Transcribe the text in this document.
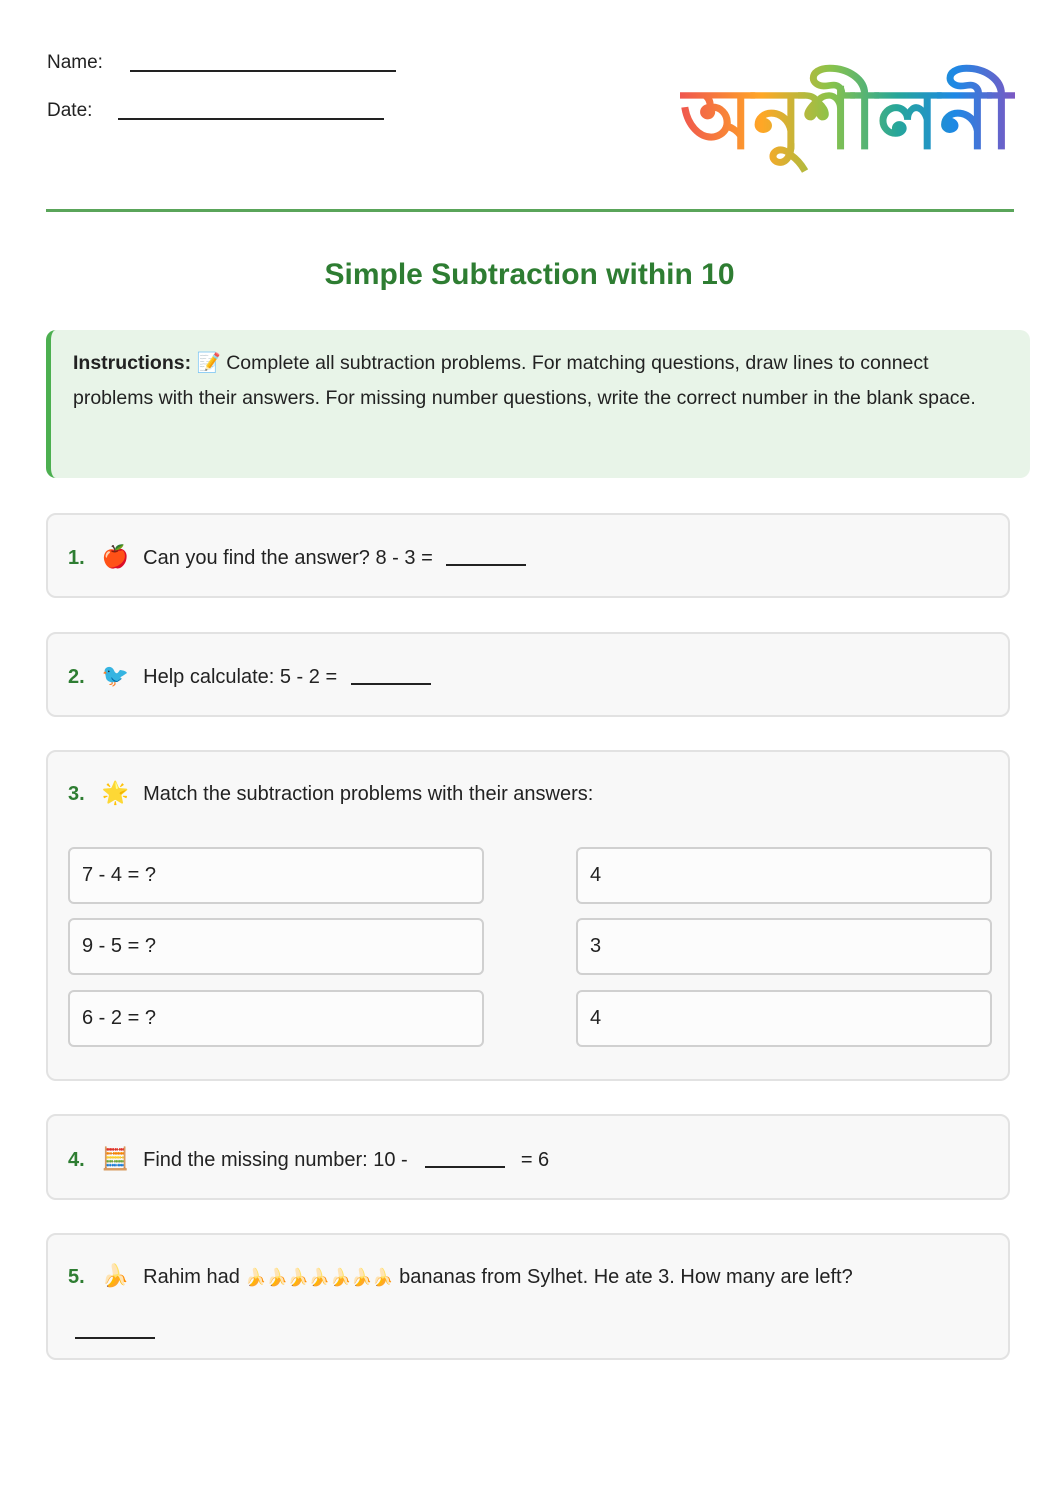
Name:
Date:	অনুশীলনী
Simple Subtraction within 10
Instructions: 📝 Complete all subtraction problems. For matching questions, draw lines to connect problems with their answers. For missing number questions, write the correct number in the blank space.
1. 🍎 Can you find the answer? 8 - 3 =
2. 🐦 Help calculate: 5 - 2 =
3. 🌟 Match the subtraction problems with their answers:
7 - 4 = ?
9 - 5 = ?
6 - 2 = ?
4
3
4
4. 🧮 Find the missing number: 10 -	= 6
5. 🍌 Rahim had 🍌🍌🍌🍌🍌🍌🍌 bananas from Sylhet. He ate 3. How many are left?
